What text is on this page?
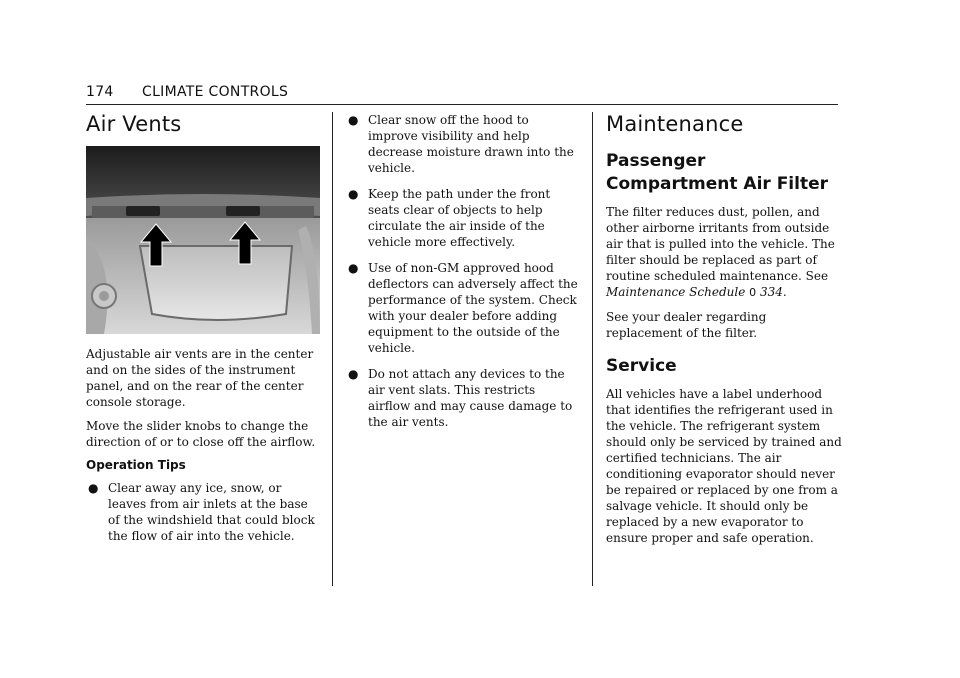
174 CLIMATE CONTROLS
Air Vents

Adjustable air vents are in the center and on the sides of the instrument panel, and on the rear of the center console storage.

Move the slider knobs to change the direction of or to close off the airflow.

Operation Tips
● Clear away any ice, snow, or leaves from air inlets at the base of the windshield that could block the flow of air into the vehicle.
● Clear snow off the hood to improve visibility and help decrease moisture drawn into the vehicle.
● Keep the path under the front seats clear of objects to help circulate the air inside of the vehicle more effectively.
● Use of non-GM approved hood deflectors can adversely affect the performance of the system. Check with your dealer before adding equipment to the outside of the vehicle.
● Do not attach any devices to the air vent slats. This restricts airflow and may cause damage to the air vents.
Maintenance
Passenger Compartment Air Filter

The filter reduces dust, pollen, and other airborne irritants from outside air that is pulled into the vehicle. The filter should be replaced as part of routine scheduled maintenance. See Maintenance Schedule 0 334.

See your dealer regarding replacement of the filter.

Service

All vehicles have a label underhood that identifies the refrigerant used in the vehicle. The refrigerant system should only be serviced by trained and certified technicians. The air conditioning evaporator should never be repaired or replaced by one from a salvage vehicle. It should only be replaced by a new evaporator to ensure proper and safe operation.
